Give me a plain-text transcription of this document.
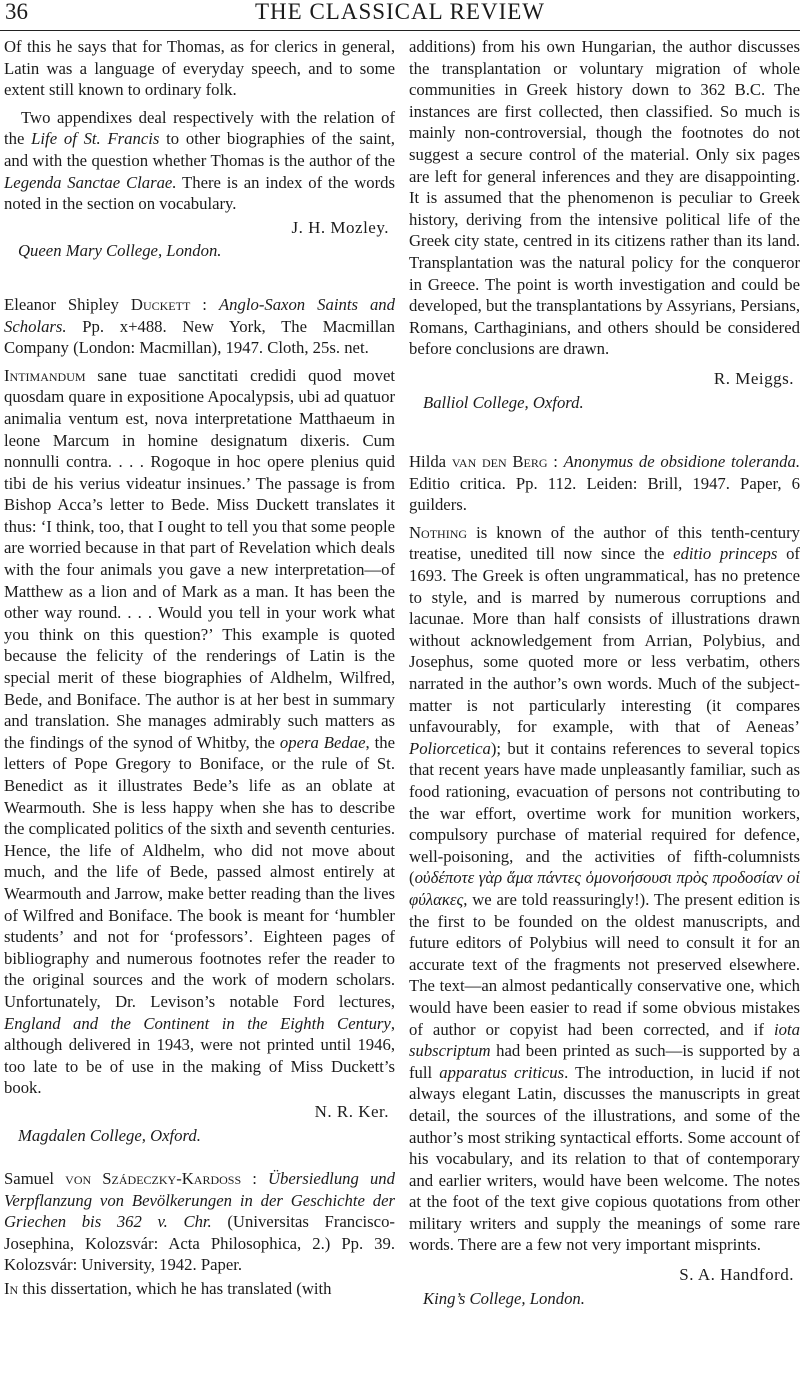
36	THE CLASSICAL REVIEW

Of this he says that for Thomas, as for clerics in general, Latin was a language of everyday speech, and to some extent still known to ordinary folk.

Two appendixes deal respectively with the relation of the Life of St. Francis to other biographies of the saint, and with the question whether Thomas is the author of the Legenda Sanctae Clarae. There is an index of the words noted in the section on vocabulary.

J. H. Mozley.
Queen Mary College, London.

Eleanor Shipley Duckett : Anglo-Saxon Saints and Scholars. Pp. x+488. New York, The Macmillan Company (London: Macmillan), 1947. Cloth, 25s. net.

Intimandum sane tuae sanctitati credidi quod movet quosdam quare in expositione Apocalypsis, ubi ad quatuor animalia ventum est, nova interpretatione Matthaeum in leone Marcum in homine designatum dixeris. Cum nonnulli contra. . . . Rogoque in hoc opere plenius quid tibi de his verius videatur insinues.’ The passage is from Bishop Acca’s letter to Bede. Miss Duckett translates it thus: ‘I think, too, that I ought to tell you that some people are worried because in that part of Revelation which deals with the four animals you gave a new interpretation—of Matthew as a lion and of Mark as a man. It has been the other way round. . . . Would you tell in your work what you think on this question?’ This example is quoted because the felicity of the renderings of Latin is the special merit of these biographies of Aldhelm, Wilfred, Bede, and Boniface. The author is at her best in summary and translation. She manages admirably such matters as the findings of the synod of Whitby, the opera Bedae, the letters of Pope Gregory to Boniface, or the rule of St. Benedict as it illustrates Bede’s life as an oblate at Wearmouth. She is less happy when she has to describe the complicated politics of the sixth and seventh centuries. Hence, the life of Aldhelm, who did not move about much, and the life of Bede, passed almost entirely at Wearmouth and Jarrow, make better reading than the lives of Wilfred and Boniface. The book is meant for ‘humbler students’ and not for ‘professors’. Eighteen pages of bibliography and numerous footnotes refer the reader to the original sources and the work of modern scholars. Unfortunately, Dr. Levison’s notable Ford lectures, England and the Continent in the Eighth Century, although delivered in 1943, were not printed until 1946, too late to be of use in the making of Miss Duckett’s book.

N. R. Ker.
Magdalen College, Oxford.

Samuel von Szádeczky-Kardoss : Übersiedlung und Verpflanzung von Bevölkerungen in der Geschichte der Griechen bis 362 v. Chr. (Universitas Francisco-Josephina, Kolozsvár: Acta Philosophica, 2.) Pp. 39. Kolozsvár: University, 1942. Paper.

In this dissertation, which he has translated (with

additions) from his own Hungarian, the author discusses the transplantation or voluntary migration of whole communities in Greek history down to 362 B.C. The instances are first collected, then classified. So much is mainly non-controversial, though the footnotes do not suggest a secure control of the material. Only six pages are left for general inferences and they are disappointing. It is assumed that the phenomenon is peculiar to Greek history, deriving from the intensive political life of the Greek city state, centred in its citizens rather than its land. Transplantation was the natural policy for the conqueror in Greece. The point is worth investigation and could be developed, but the transplantations by Assyrians, Persians, Romans, Carthaginians, and others should be considered before conclusions are drawn.

R. Meiggs.
Balliol College, Oxford.

Hilda van den Berg : Anonymus de obsidione toleranda. Editio critica. Pp. 112. Leiden: Brill, 1947. Paper, 6 guilders.

Nothing is known of the author of this tenth-century treatise, unedited till now since the editio princeps of 1693. The Greek is often ungrammatical, has no pretence to style, and is marred by numerous corruptions and lacunae. More than half consists of illustrations drawn without acknowledgement from Arrian, Polybius, and Josephus, some quoted more or less verbatim, others narrated in the author’s own words. Much of the subject-matter is not particularly interesting (it compares unfavourably, for example, with that of Aeneas’ Poliorcetica); but it contains references to several topics that recent years have made unpleasantly familiar, such as food rationing, evacuation of persons not contributing to the war effort, overtime work for munition workers, compulsory purchase of material required for defence, well-poisoning, and the activities of fifth-columnists (οὐδέποτε γὰρ ἅμα πάντες ὁμονοήσουσι πρὸς προδοσίαν οἱ φύλακες, we are told reassuringly!). The present edition is the first to be founded on the oldest manuscripts, and future editors of Polybius will need to consult it for an accurate text of the fragments not preserved elsewhere. The text—an almost pedantically conservative one, which would have been easier to read if some obvious mistakes of author or copyist had been corrected, and if iota subscriptum had been printed as such—is supported by a full apparatus criticus. The introduction, in lucid if not always elegant Latin, discusses the manuscripts in great detail, the sources of the illustrations, and some of the author’s most striking syntactical efforts. Some account of his vocabulary, and its relation to that of contemporary and earlier writers, would have been welcome. The notes at the foot of the text give copious quotations from other military writers and supply the meanings of some rare words. There are a few not very important misprints.

S. A. Handford.
King’s College, London.
